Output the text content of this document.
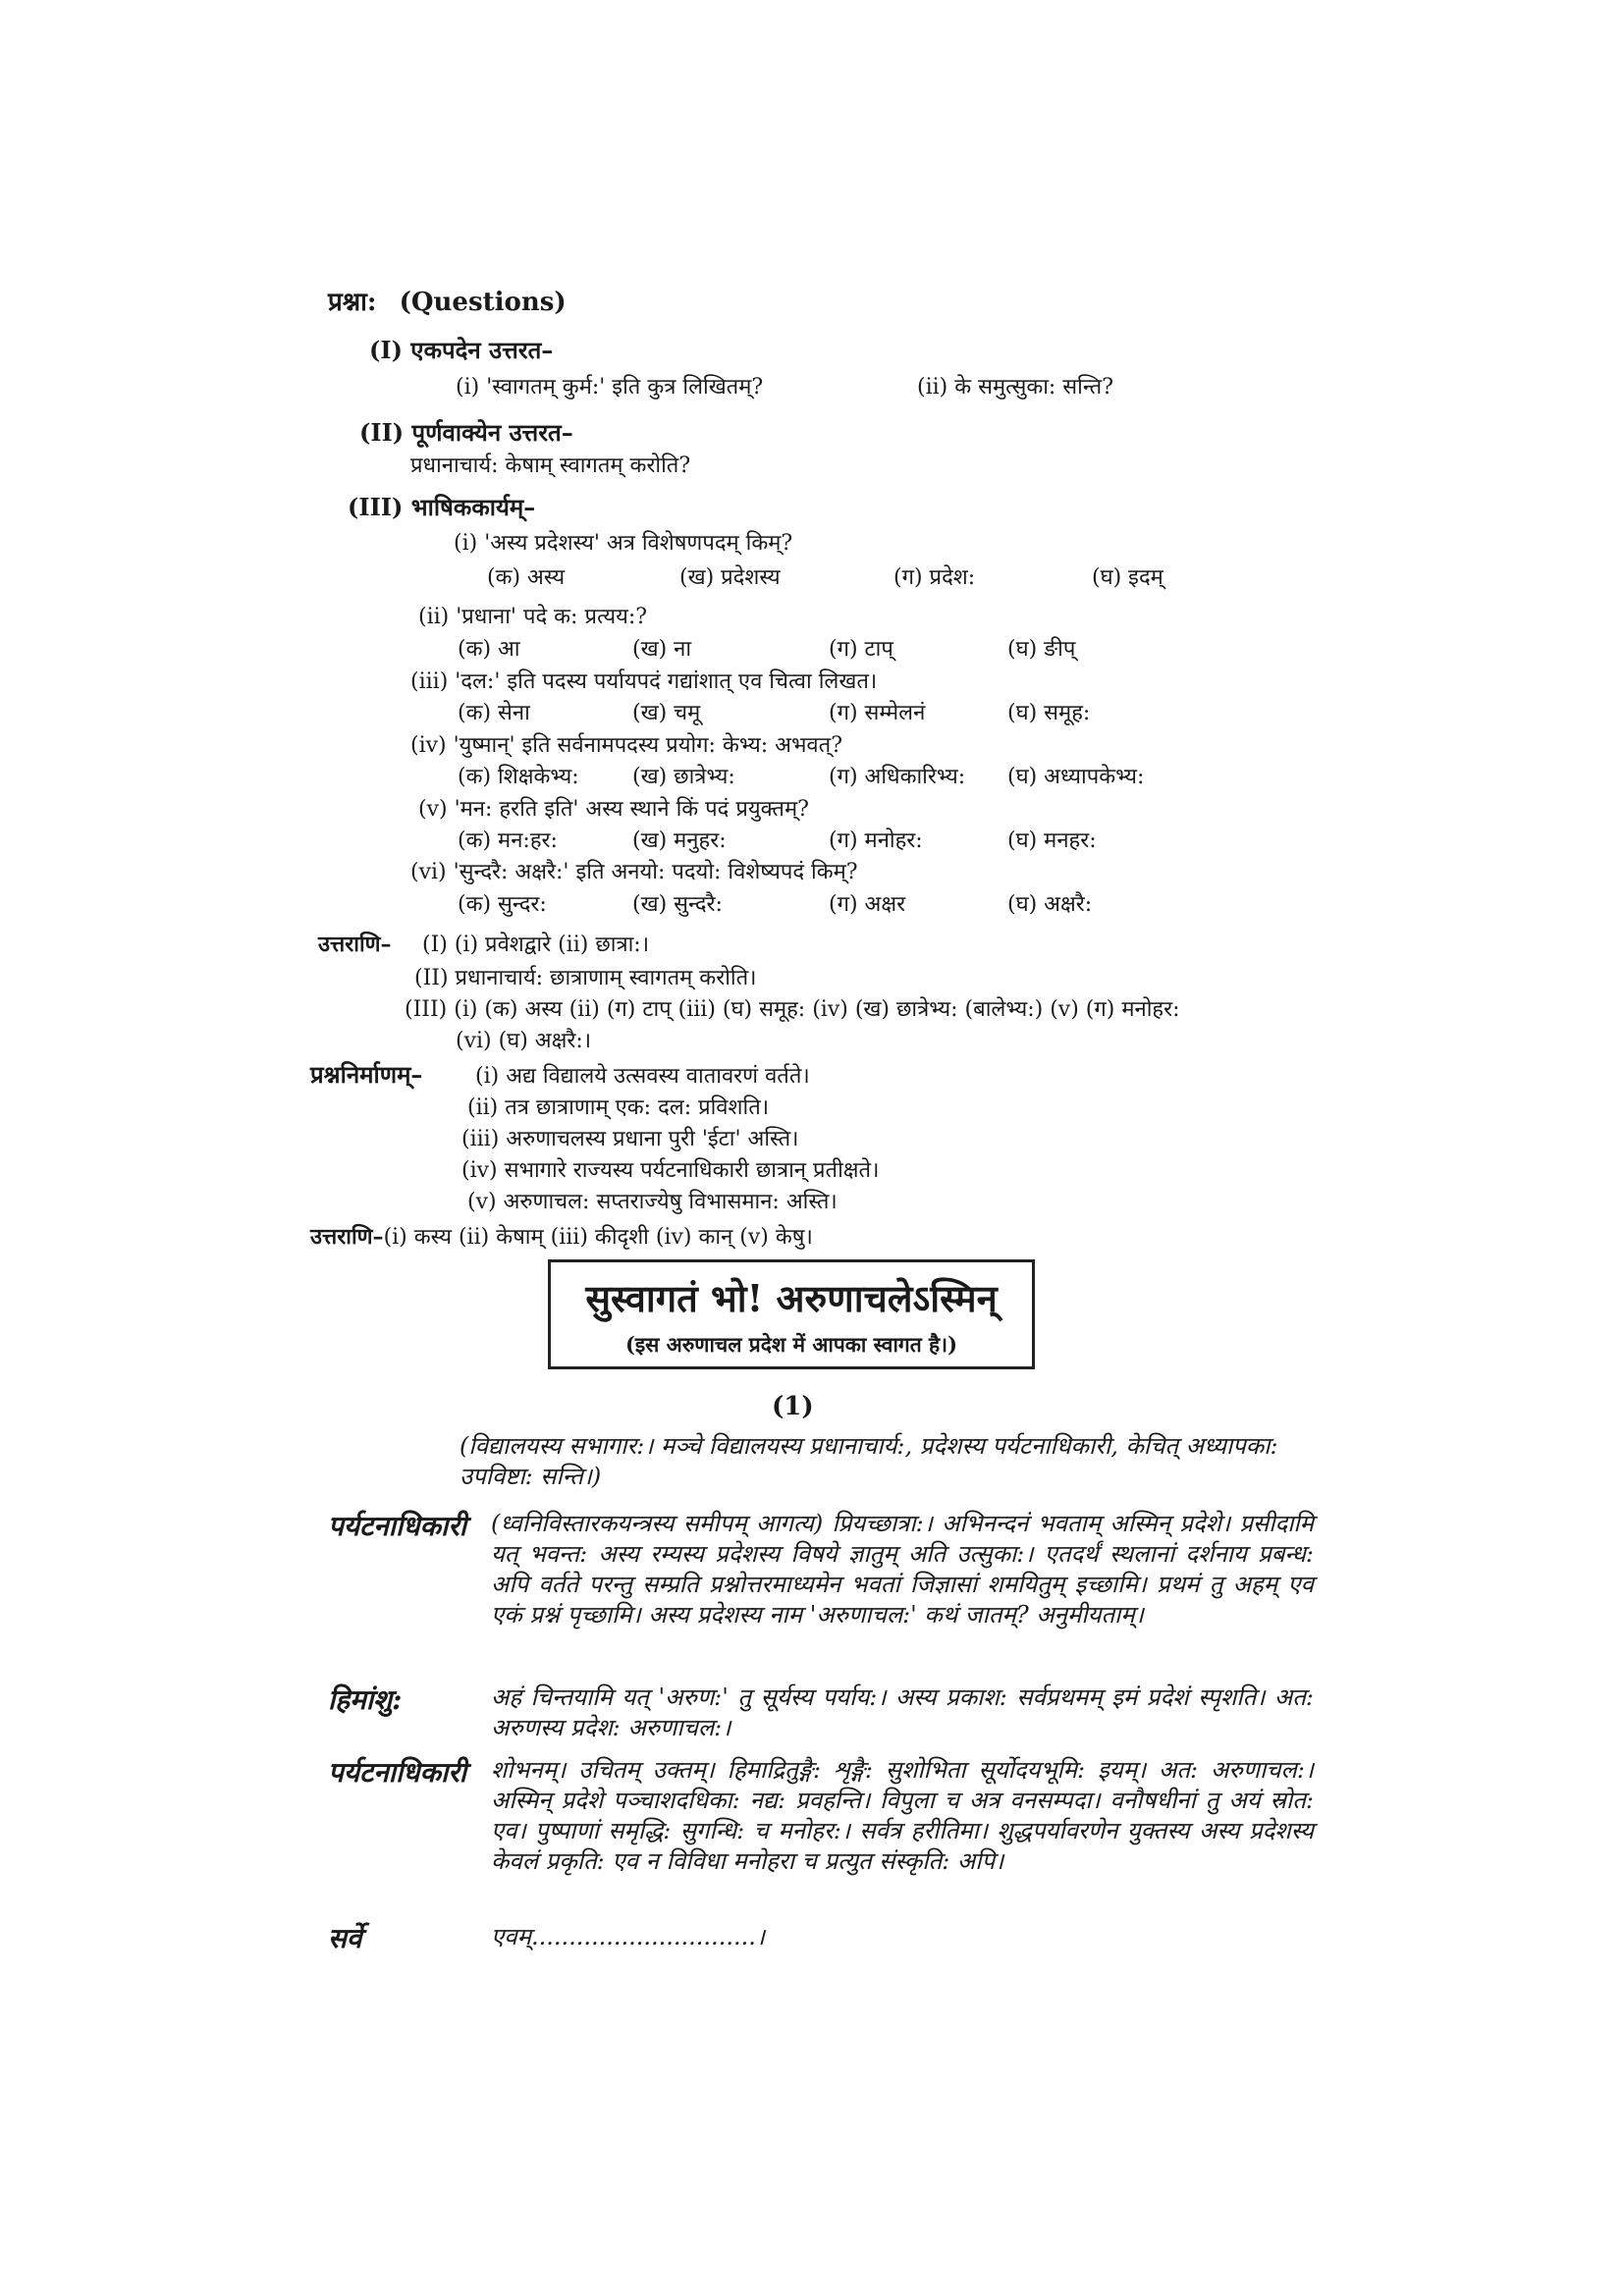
प्रश्ना: (Questions)
(I) एकपदेन उत्तरत–
(i) 'स्वागतम् कुर्म:' इति कुत्र लिखितम्?	(ii) के समुत्सुका: सन्ति?
(II) पूर्णवाक्येन उत्तरत–
प्रधानाचार्य: केषाम् स्वागतम् करोति?
(III) भाषिककार्यम्–
(i) 'अस्य प्रदेशस्य' अत्र विशेषणपदम् किम्?
(क) अस्य	(ख) प्रदेशस्य	(ग) प्रदेश:	(घ) इदम्
(ii) 'प्रधाना' पदे क: प्रत्यय:?
(क) आ	(ख) ना	(ग) टाप्	(घ) ङीप्
(iii) 'दल:' इति पदस्य पर्यायपदं गद्यांशात् एव चित्वा लिखत।
(क) सेना	(ख) चमू	(ग) सम्मेलनं	(घ) समूह:
(iv) 'युष्मान्' इति सर्वनामपदस्य प्रयोग: केभ्य: अभवत्?
(क) शिक्षकेभ्य:	(ख) छात्रेभ्य:	(ग) अधिकारिभ्य:	(घ) अध्यापकेभ्य:
(v) 'मन: हरति इति' अस्य स्थाने किं पदं प्रयुक्तम्?
(क) मन:हर:	(ख) मनुहर:	(ग) मनोहर:	(घ) मनहर:
(vi) 'सुन्दरै: अक्षरै:' इति अनयो: पदयो: विशेष्यपदं किम्?
(क) सुन्दर:	(ख) सुन्दरै:	(ग) अक्षर	(घ) अक्षरै:
उत्तराणि– (I) (i) प्रवेशद्वारे (ii) छात्रा:।
(II) प्रधानाचार्य: छात्राणाम् स्वागतम् करोति।
(III) (i) (क) अस्य (ii) (ग) टाप् (iii) (घ) समूह: (iv) (ख) छात्रेभ्य: (बालेभ्य:) (v) (ग) मनोहर:
(vi) (घ) अक्षरै:।
प्रश्ननिर्माणम्– (i) अद्य विद्यालये उत्सवस्य वातावरणं वर्तते।
(ii) तत्र छात्राणाम् एक: दल: प्रविशति।
(iii) अरुणाचलस्य प्रधाना पुरी 'ईटा' अस्ति।
(iv) सभागारे राज्यस्य पर्यटनाधिकारी छात्रान् प्रतीक्षते।
(v) अरुणाचल: सप्तराज्येषु विभासमान: अस्ति।
उत्तराणि–(i) कस्य (ii) केषाम् (iii) कीदृशी (iv) कान् (v) केषु।
सुस्वागतं भो! अरुणाचलेऽस्मिन्
(इस अरुणाचल प्रदेश में आपका स्वागत है।)
(1)
(विद्यालयस्य सभागार:। मञ्चे विद्यालयस्य प्रधानाचार्य:, प्रदेशस्य पर्यटनाधिकारी, केचित् अध्यापका: उपविष्टा: सन्ति।)
पर्यटनाधिकारी (ध्वनिविस्तारकयन्त्रस्य समीपम् आगत्य) प्रियच्छात्रा:। अभिनन्दनं भवताम् अस्मिन् प्रदेशे। प्रसीदामि यत् भवन्त: अस्य रम्यस्य प्रदेशस्य विषये ज्ञातुम् अति उत्सुका:। एतदर्थं स्थलानां दर्शनाय प्रबन्ध: अपि वर्तते परन्तु सम्प्रति प्रश्नोत्तरमाध्यमेन भवतां जिज्ञासां शमयितुम् इच्छामि। प्रथमं तु अहम् एव एकं प्रश्नं पृच्छामि। अस्य प्रदेशस्य नाम 'अरुणाचल:' कथं जातम्? अनुमीयताम्।
हिमांशु:	अहं चिन्तयामि यत् 'अरुण:' तु सूर्यस्य पर्याय:। अस्य प्रकाश: सर्वप्रथमम् इमं प्रदेशं स्पृशति। अत: अरुणस्य प्रदेश: अरुणाचल:।
पर्यटनाधिकारी शोभनम्। उचितम् उक्तम्। हिमाद्रितुङ्गै: शृङ्गै: सुशोभिता सूर्योदयभूमि: इयम्। अत: अरुणाचल:। अस्मिन् प्रदेशे पञ्चाशदधिका: नद्य: प्रवहन्ति। विपुला च अत्र वनसम्पदा। वनौषधीनां तु अयं स्रोत: एव। पुष्पाणां समृद्धि: सुगन्धि: च मनोहर:। सर्वत्र हरीतिमा। शुद्धपर्यावरणेन युक्तस्य अस्य प्रदेशस्य केवलं प्रकृति: एव न विविधा मनोहरा च प्रत्युत संस्कृति: अपि।
सर्वे	एवम्..............................।
